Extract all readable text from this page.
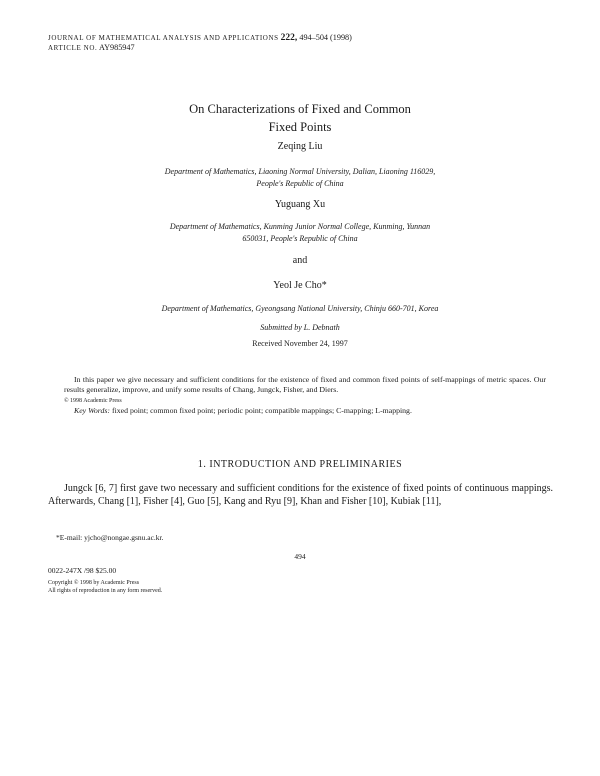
JOURNAL OF MATHEMATICAL ANALYSIS AND APPLICATIONS 222, 494–504 (1998)
ARTICLE NO. AY985947
On Characterizations of Fixed and Common
Fixed Points
Zeqing Liu
Department of Mathematics, Liaoning Normal University, Dalian, Liaoning 116029,
People's Republic of China
Yuguang Xu
Department of Mathematics, Kunming Junior Normal College, Kunming, Yunnan
650031, People's Republic of China
and
Yeol Je Cho*
Department of Mathematics, Gyeongsang National University, Chinju 660-701, Korea
Submitted by L. Debnath
Received November 24, 1997

In this paper we give necessary and sufficient conditions for the existence of fixed and common fixed points of self-mappings of metric spaces. Our results generalize, improve, and unify some results of Chang, Jungck, Fisher, and Diers.

© 1998 Academic Press

Key Words: fixed point; common fixed point; periodic point; compatible mappings; C-mapping; L-mapping.

1. INTRODUCTION AND PRELIMINARIES

Jungck [6, 7] first gave two necessary and sufficient conditions for the existence of fixed points of continuous mappings. Afterwards, Chang [1], Fisher [4], Guo [5], Kang and Ryu [9], Khan and Fisher [10], Kubiak [11],

*E-mail: yjcho@nongae.gsnu.ac.kr.
494
0022-247X /98 $25.00
Copyright © 1998 by Academic Press
All rights of reproduction in any form reserved.
